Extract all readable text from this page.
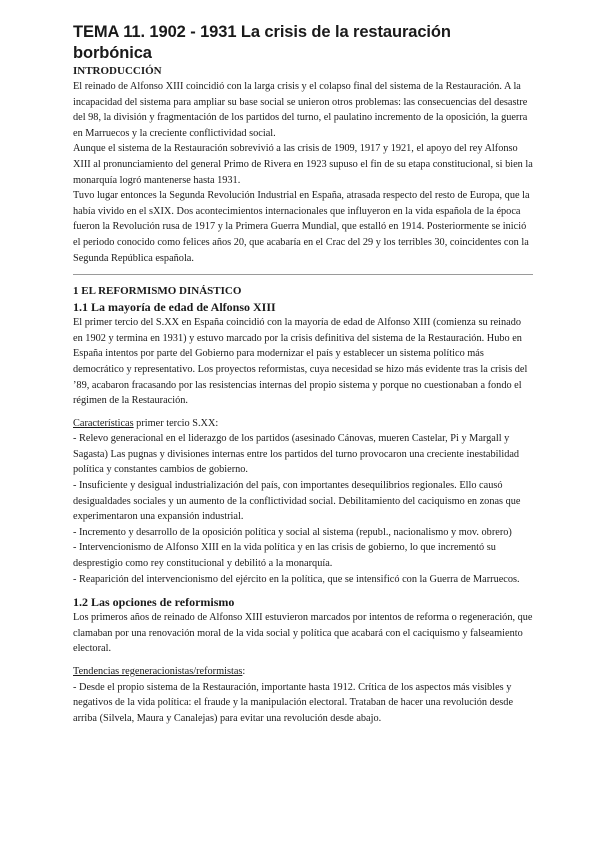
TEMA 11. 1902 - 1931 La crisis de la restauración borbónica
INTRODUCCIÓN

El reinado de Alfonso XIII coincidió con la larga crisis y el colapso final del sistema de la Restauración. A la incapacidad del sistema para ampliar su base social se unieron otros problemas: las consecuencias del desastre del 98, la división y fragmentación de los partidos del turno, el paulatino incremento de la oposición, la guerra en Marruecos y la creciente conflictividad social.

Aunque el sistema de la Restauración sobrevivió a las crisis de 1909, 1917 y 1921, el apoyo del rey Alfonso XIII al pronunciamiento del general Primo de Rivera en 1923 supuso el fin de su etapa constitucional, si bien la monarquía logró mantenerse hasta 1931.

Tuvo lugar entonces la Segunda Revolución Industrial en España, atrasada respecto del resto de Europa, que la había vivido en el sXIX. Dos acontecimientos internacionales que influyeron en la vida española de la época fueron la Revolución rusa de 1917 y la Primera Guerra Mundial, que estalló en 1914. Posteriormente se inició el periodo conocido como felices años 20, que acabaría en el Crac del 29 y los terribles 30, coincidentes con la Segunda República española.

1 EL REFORMISMO DINÁSTICO
1.1 La mayoría de edad de Alfonso XIII

El primer tercio del S.XX en España coincidió con la mayoría de edad de Alfonso XIII (comienza su reinado en 1902 y termina en 1931) y estuvo marcado por la crisis definitiva del sistema de la Restauración. Hubo en España intentos por parte del Gobierno para modernizar el país y establecer un sistema político más democrático y representativo. Los proyectos reformistas, cuya necesidad se hizo más evidente tras la crisis del ’89, acabaron fracasando por las resistencias internas del propio sistema y porque no cuestionaban a fondo el régimen de la Restauración.

Características primer tercio S.XX:

- Relevo generacional en el liderazgo de los partidos (asesinado Cánovas, mueren Castelar, Pi y Margall y Sagasta) Las pugnas y divisiones internas entre los partidos del turno provocaron una creciente inestabilidad política y constantes cambios de gobierno.

- Insuficiente y desigual industrialización del país, con importantes desequilibrios regionales. Ello causó desigualdades sociales y un aumento de la conflictividad social. Debilitamiento del caciquismo en zonas que experimentaron una expansión industrial.

- Incremento y desarrollo de la oposición política y social al sistema (republ., nacionalismo y mov. obrero)

- Intervencionismo de Alfonso XIII en la vida política y en las crisis de gobierno, lo que incrementó su desprestigio como rey constitucional y debilitó a la monarquía.

- Reaparición del intervencionismo del ejército en la política, que se intensificó con la Guerra de Marruecos.

1.2 Las opciones de reformismo

Los primeros años de reinado de Alfonso XIII estuvieron marcados por intentos de reforma o regeneración, que clamaban por una renovación moral de la vida social y política que acabará con el caciquismo y falseamiento electoral.

Tendencias regeneracionistas/reformistas:

- Desde el propio sistema de la Restauración, importante hasta 1912. Crítica de los aspectos más visibles y negativos de la vida política: el fraude y la manipulación electoral. Trataban de hacer una revolución desde arriba (Silvela, Maura y Canalejas) para evitar una revolución desde abajo.
